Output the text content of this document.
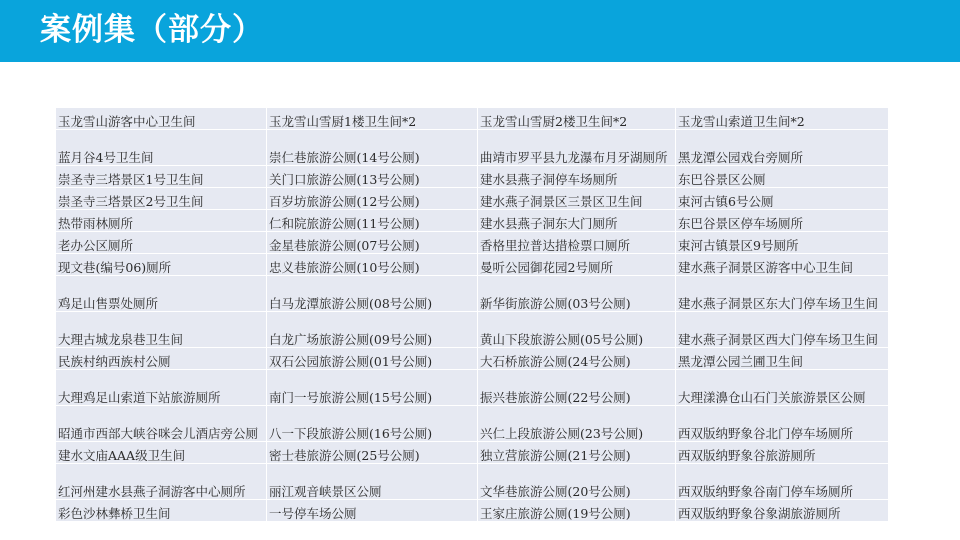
案例集（部分）
玉龙雪山游客中心卫生间	玉龙雪山雪厨1楼卫生间*2	玉龙雪山雪厨2楼卫生间*2	玉龙雪山索道卫生间*2
蓝月谷4号卫生间	崇仁巷旅游公厕(14号公厕)	曲靖市罗平县九龙瀑布月牙湖厕所	黑龙潭公园戏台旁厕所
崇圣寺三塔景区1号卫生间	关门口旅游公厕(13号公厕)	建水县燕子洞停车场厕所	东巴谷景区公厕
崇圣寺三塔景区2号卫生间	百岁坊旅游公厕(12号公厕)	建水燕子洞景区三景区卫生间	束河古镇6号公厕
热带雨林厕所	仁和院旅游公厕(11号公厕)	建水县燕子洞东大门厕所	东巴谷景区停车场厕所
老办公区厕所	金星巷旅游公厕(07号公厕)	香格里拉普达措检票口厕所	束河古镇景区9号厕所
现文巷(编号06)厕所	忠义巷旅游公厕(10号公厕)	曼听公园御花园2号厕所	建水燕子洞景区游客中心卫生间
鸡足山售票处厕所	白马龙潭旅游公厕(08号公厕)	新华街旅游公厕(03号公厕)	建水燕子洞景区东大门停车场卫生间
大理古城龙泉巷卫生间	白龙广场旅游公厕(09号公厕)	黄山下段旅游公厕(05号公厕)	建水燕子洞景区西大门停车场卫生间
民族村纳西族村公厕	双石公园旅游公厕(01号公厕)	大石桥旅游公厕(24号公厕)	黑龙潭公园兰圃卫生间
大理鸡足山索道下站旅游厕所	南门一号旅游公厕(15号公厕)	振兴巷旅游公厕(22号公厕)	大理漾濞仓山石门关旅游景区公厕
昭通市西部大峡谷咪会儿酒店旁公厕	八一下段旅游公厕(16号公厕)	兴仁上段旅游公厕(23号公厕)	西双版纳野象谷北门停车场厕所
建水文庙AAA级卫生间	密士巷旅游公厕(25号公厕)	独立营旅游公厕(21号公厕)	西双版纳野象谷旅游厕所
红河州建水县燕子洞游客中心厕所	丽江观音峡景区公厕	文华巷旅游公厕(20号公厕)	西双版纳野象谷南门停车场厕所
彩色沙林彝桥卫生间	一号停车场公厕	王家庄旅游公厕(19号公厕)	西双版纳野象谷象湖旅游厕所
